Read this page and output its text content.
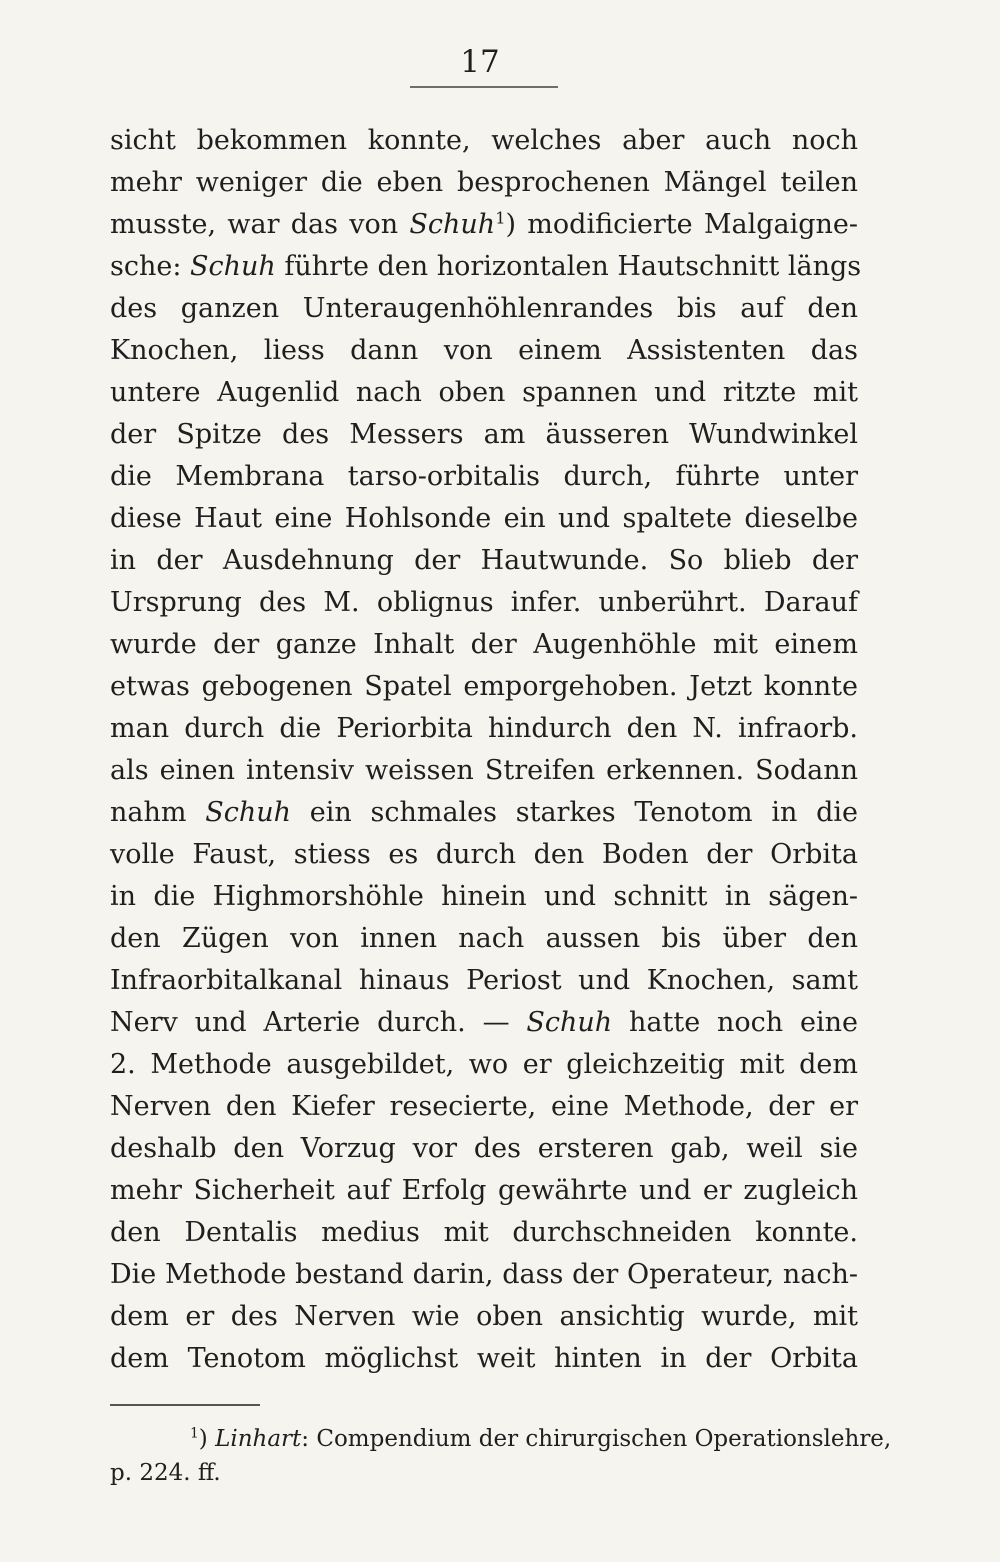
17
sicht bekommen konnte, welches aber auch noch
mehr weniger die eben besprochenen Mängel teilen
musste, war das von Schuh$^1$) modificierte Malgaigne-
sche: Schuh führte den horizontalen Hautschnitt längs
des ganzen Unteraugenhöhlenrandes bis auf den
Knochen, liess dann von einem Assistenten das
untere Augenlid nach oben spannen und ritzte mit
der Spitze des Messers am äusseren Wundwinkel
die Membrana tarso-orbitalis durch, führte unter
diese Haut eine Hohlsonde ein und spaltete dieselbe
in der Ausdehnung der Hautwunde. So blieb der
Ursprung des M. oblignus infer. unberührt. Darauf
wurde der ganze Inhalt der Augenhöhle mit einem
etwas gebogenen Spatel emporgehoben. Jetzt konnte
man durch die Periorbita hindurch den N. infraorb.
als einen intensiv weissen Streifen erkennen. Sodann
nahm Schuh ein schmales starkes Tenotom in die
volle Faust, stiess es durch den Boden der Orbita
in die Highmorshöhle hinein und schnitt in sägen-
den Zügen von innen nach aussen bis über den
Infraorbitalkanal hinaus Periost und Knochen, samt
Nerv und Arterie durch. — Schuh hatte noch eine
2. Methode ausgebildet, wo er gleichzeitig mit dem
Nerven den Kiefer resecierte, eine Methode, der er
deshalb den Vorzug vor des ersteren gab, weil sie
mehr Sicherheit auf Erfolg gewährte und er zugleich
den Dentalis medius mit durchschneiden konnte.
Die Methode bestand darin, dass der Operateur, nach-
dem er des Nerven wie oben ansichtig wurde, mit
dem Tenotom möglichst weit hinten in der Orbita
$^1$) Linhart: Compendium der chirurgischen Operationslehre,
p. 224. ff.
